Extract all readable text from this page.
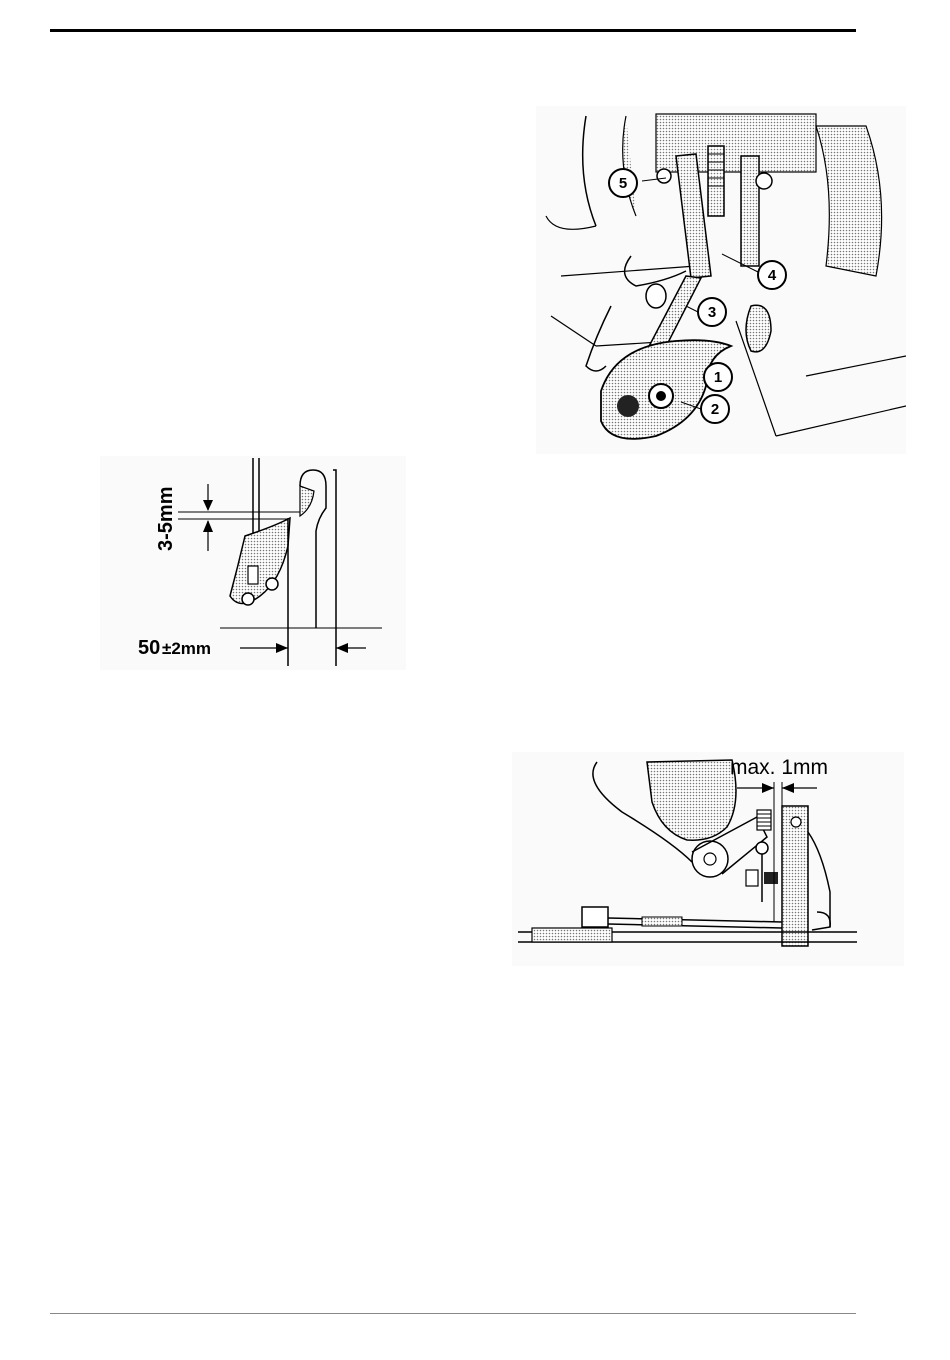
5
4
3
1
2
3-5mm
50 ±2mm
max. 1mm
